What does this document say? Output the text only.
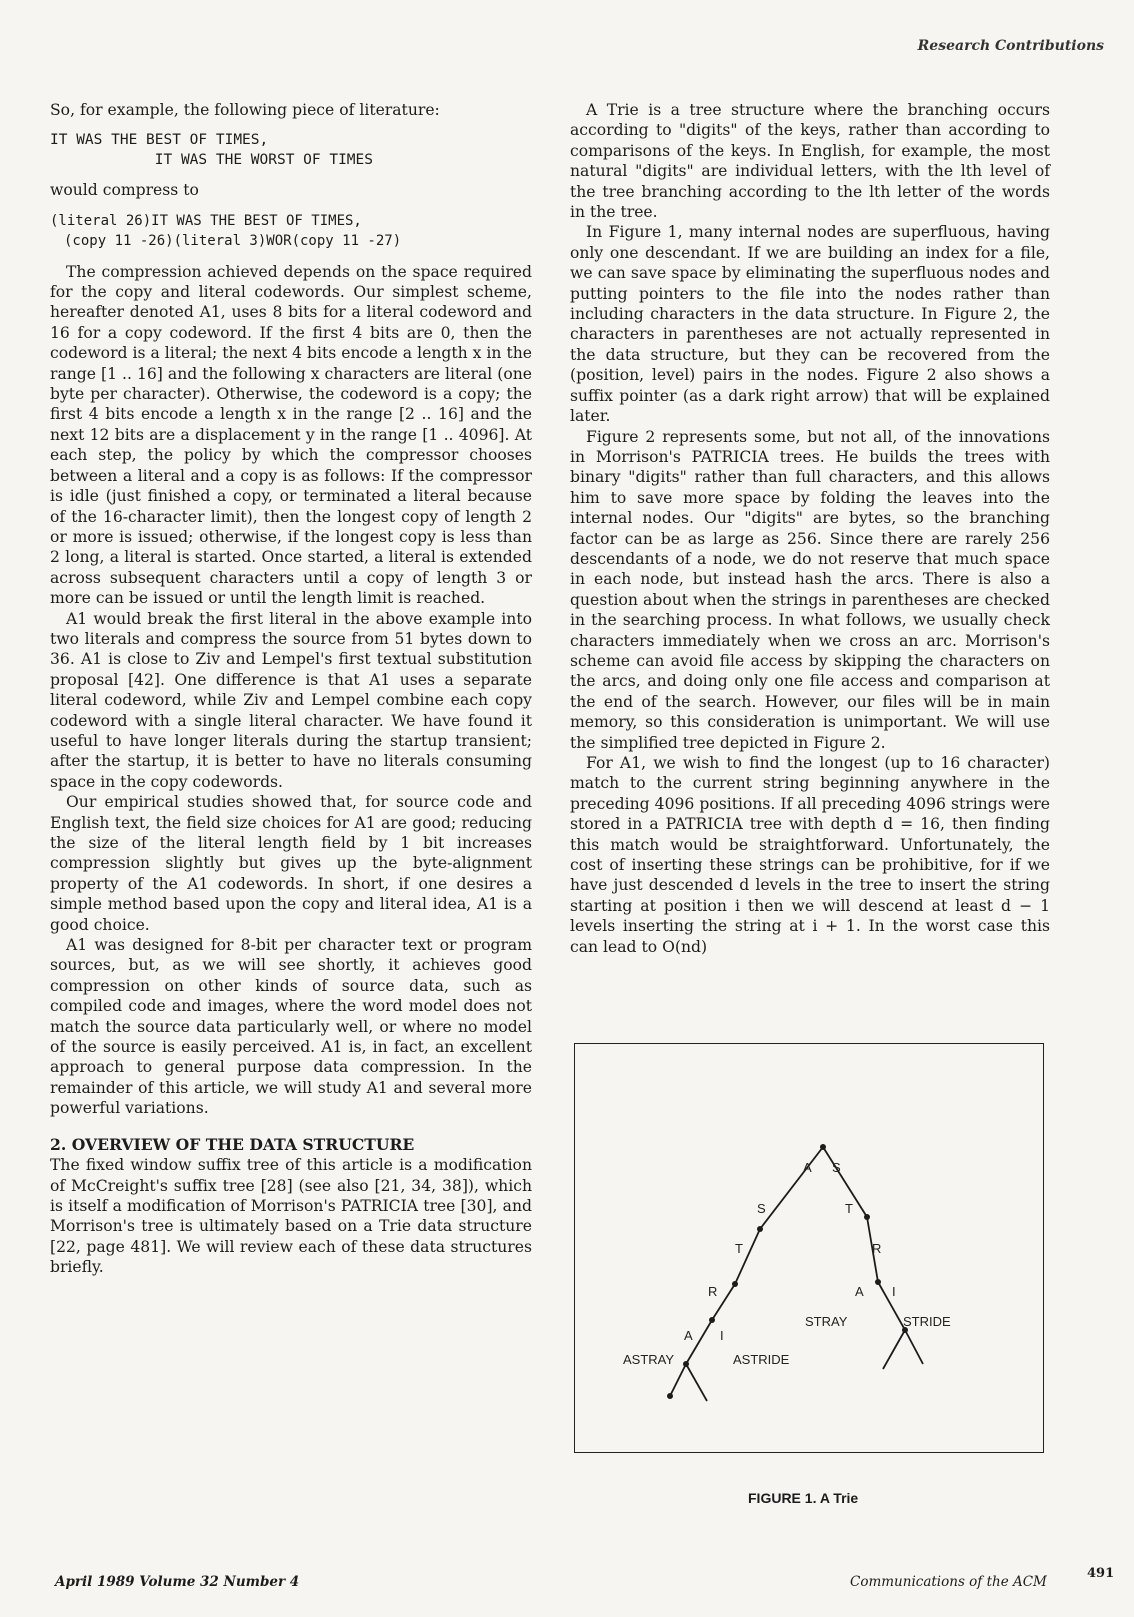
Research Contributions

So, for example, the following piece of literature:

IT WAS THE BEST OF TIMES,
IT WAS THE WORST OF TIMES

would compress to

(literal 26)IT WAS THE BEST OF TIMES,
(copy 11 -26)(literal 3)WOR(copy 11 -27)

The compression achieved depends on the space required for the copy and literal codewords. Our simplest scheme, hereafter denoted A1, uses 8 bits for a literal codeword and 16 for a copy codeword. If the first 4 bits are 0, then the codeword is a literal; the next 4 bits encode a length x in the range [1 .. 16] and the following x characters are literal (one byte per character). Otherwise, the codeword is a copy; the first 4 bits encode a length x in the range [2 .. 16] and the next 12 bits are a displacement y in the range [1 .. 4096]. At each step, the policy by which the compressor chooses between a literal and a copy is as follows: If the compressor is idle (just finished a copy, or terminated a literal because of the 16-character limit), then the longest copy of length 2 or more is issued; otherwise, if the longest copy is less than 2 long, a literal is started. Once started, a literal is extended across subsequent characters until a copy of length 3 or more can be issued or until the length limit is reached.

A1 would break the first literal in the above example into two literals and compress the source from 51 bytes down to 36. A1 is close to Ziv and Lempel's first textual substitution proposal [42]. One difference is that A1 uses a separate literal codeword, while Ziv and Lempel combine each copy codeword with a single literal character. We have found it useful to have longer literals during the startup transient; after the startup, it is better to have no literals consuming space in the copy codewords.

Our empirical studies showed that, for source code and English text, the field size choices for A1 are good; reducing the size of the literal length field by 1 bit increases compression slightly but gives up the byte-alignment property of the A1 codewords. In short, if one desires a simple method based upon the copy and literal idea, A1 is a good choice.

A1 was designed for 8-bit per character text or program sources, but, as we will see shortly, it achieves good compression on other kinds of source data, such as compiled code and images, where the word model does not match the source data particularly well, or where no model of the source is easily perceived. A1 is, in fact, an excellent approach to general purpose data compression. In the remainder of this article, we will study A1 and several more powerful variations.

2. OVERVIEW OF THE DATA STRUCTURE

The fixed window suffix tree of this article is a modification of McCreight's suffix tree [28] (see also [21, 34, 38]), which is itself a modification of Morrison's PATRICIA tree [30], and Morrison's tree is ultimately based on a Trie data structure [22, page 481]. We will review each of these data structures briefly.

A Trie is a tree structure where the branching occurs according to "digits" of the keys, rather than according to comparisons of the keys. In English, for example, the most natural "digits" are individual letters, with the lth level of the tree branching according to the lth letter of the words in the tree.

In Figure 1, many internal nodes are superfluous, having only one descendant. If we are building an index for a file, we can save space by eliminating the superfluous nodes and putting pointers to the file into the nodes rather than including characters in the data structure. In Figure 2, the characters in parentheses are not actually represented in the data structure, but they can be recovered from the (position, level) pairs in the nodes. Figure 2 also shows a suffix pointer (as a dark right arrow) that will be explained later.

Figure 2 represents some, but not all, of the innovations in Morrison's PATRICIA trees. He builds the trees with binary "digits" rather than full characters, and this allows him to save more space by folding the leaves into the internal nodes. Our "digits" are bytes, so the branching factor can be as large as 256. Since there are rarely 256 descendants of a node, we do not reserve that much space in each node, but instead hash the arcs. There is also a question about when the strings in parentheses are checked in the searching process. In what follows, we usually check characters immediately when we cross an arc. Morrison's scheme can avoid file access by skipping the characters on the arcs, and doing only one file access and comparison at the end of the search. However, our files will be in main memory, so this consideration is unimportant. We will use the simplified tree depicted in Figure 2.

For A1, we wish to find the longest (up to 16 character) match to the current string beginning anywhere in the preceding 4096 positions. If all preceding 4096 strings were stored in a PATRICIA tree with depth d = 16, then finding this match would be straightforward. Unfortunately, the cost of inserting these strings can be prohibitive, for if we have just descended d levels in the tree to insert the string starting at position i then we will descend at least d − 1 levels inserting the string at i + 1. In the worst case this can lead to O(nd)

A S
S	T
T	R
R	A I
A I
ASTRAY	ASTRIDE
STRAY	STRIDE
FIGURE 1. A Trie
April 1989 Volume 32 Number 4	Communications of the ACM
491
